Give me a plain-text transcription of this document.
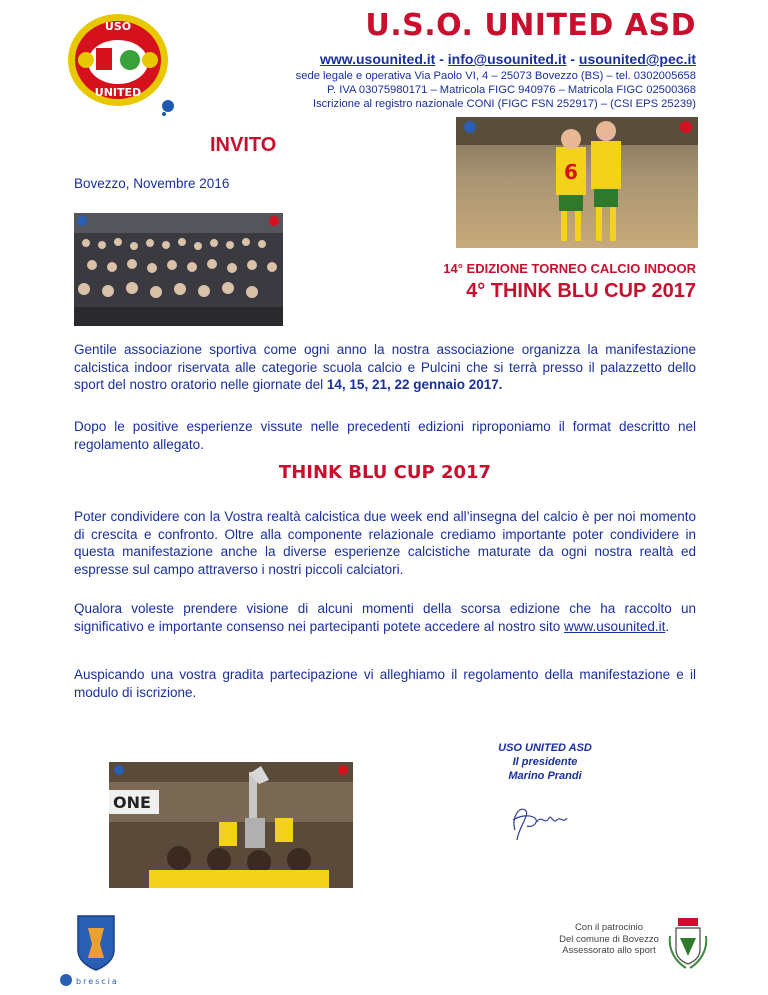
USO
UNITED
U.S.O. UNITED ASD
www.usounited.it - info@usounited.it - usounited@pec.it
sede legale e operativa Via Paolo VI, 4 – 25073 Bovezzo (BS) – tel. 0302005658
P. IVA 03075980171 – Matricola FIGC 940976 – Matricola FIGC 02500368
Iscrizione al registro nazionale CONI (FIGC FSN 252917) – (CSI EPS 25239)
INVITO
Bovezzo, Novembre 2016	6
14° EDIZIONE TORNEO CALCIO INDOOR
4° THINK BLU CUP 2017

Gentile associazione sportiva come ogni anno la nostra associazione organizza la manifestazione calcistica indoor riservata alle categorie scuola calcio e Pulcini che si terrà presso il palazzetto dello sport del nostro oratorio nelle giornate del 14, 15, 21, 22 gennaio 2017.

Dopo le positive esperienze vissute nelle precedenti edizioni riproponiamo il format descritto nel regolamento allegato.

THINK BLU CUP 2017

Poter condividere con la Vostra realtà calcistica due week end all’insegna del calcio è per noi momento di crescita e confronto. Oltre alla componente relazionale crediamo importante poter condividere in questa manifestazione anche la diverse esperienze calcistiche maturate da ogni nostra realtà ed espresse sul campo attraverso i nostri piccoli calciatori.

Qualora voleste prendere visione di alcuni momenti della scorsa edizione che ha raccolto un significativo e importante consenso nei partecipanti potete accedere al nostro sito www.usounited.it.

Auspicando una vostra gradita partecipazione vi alleghiamo il regolamento della manifestazione e il modulo di iscrizione.

USO UNITED ASD
Il presidente
Marino Prandi
ONE
brescia
Con il patrocinio
Del comune di Bovezzo
Assessorato allo sport
